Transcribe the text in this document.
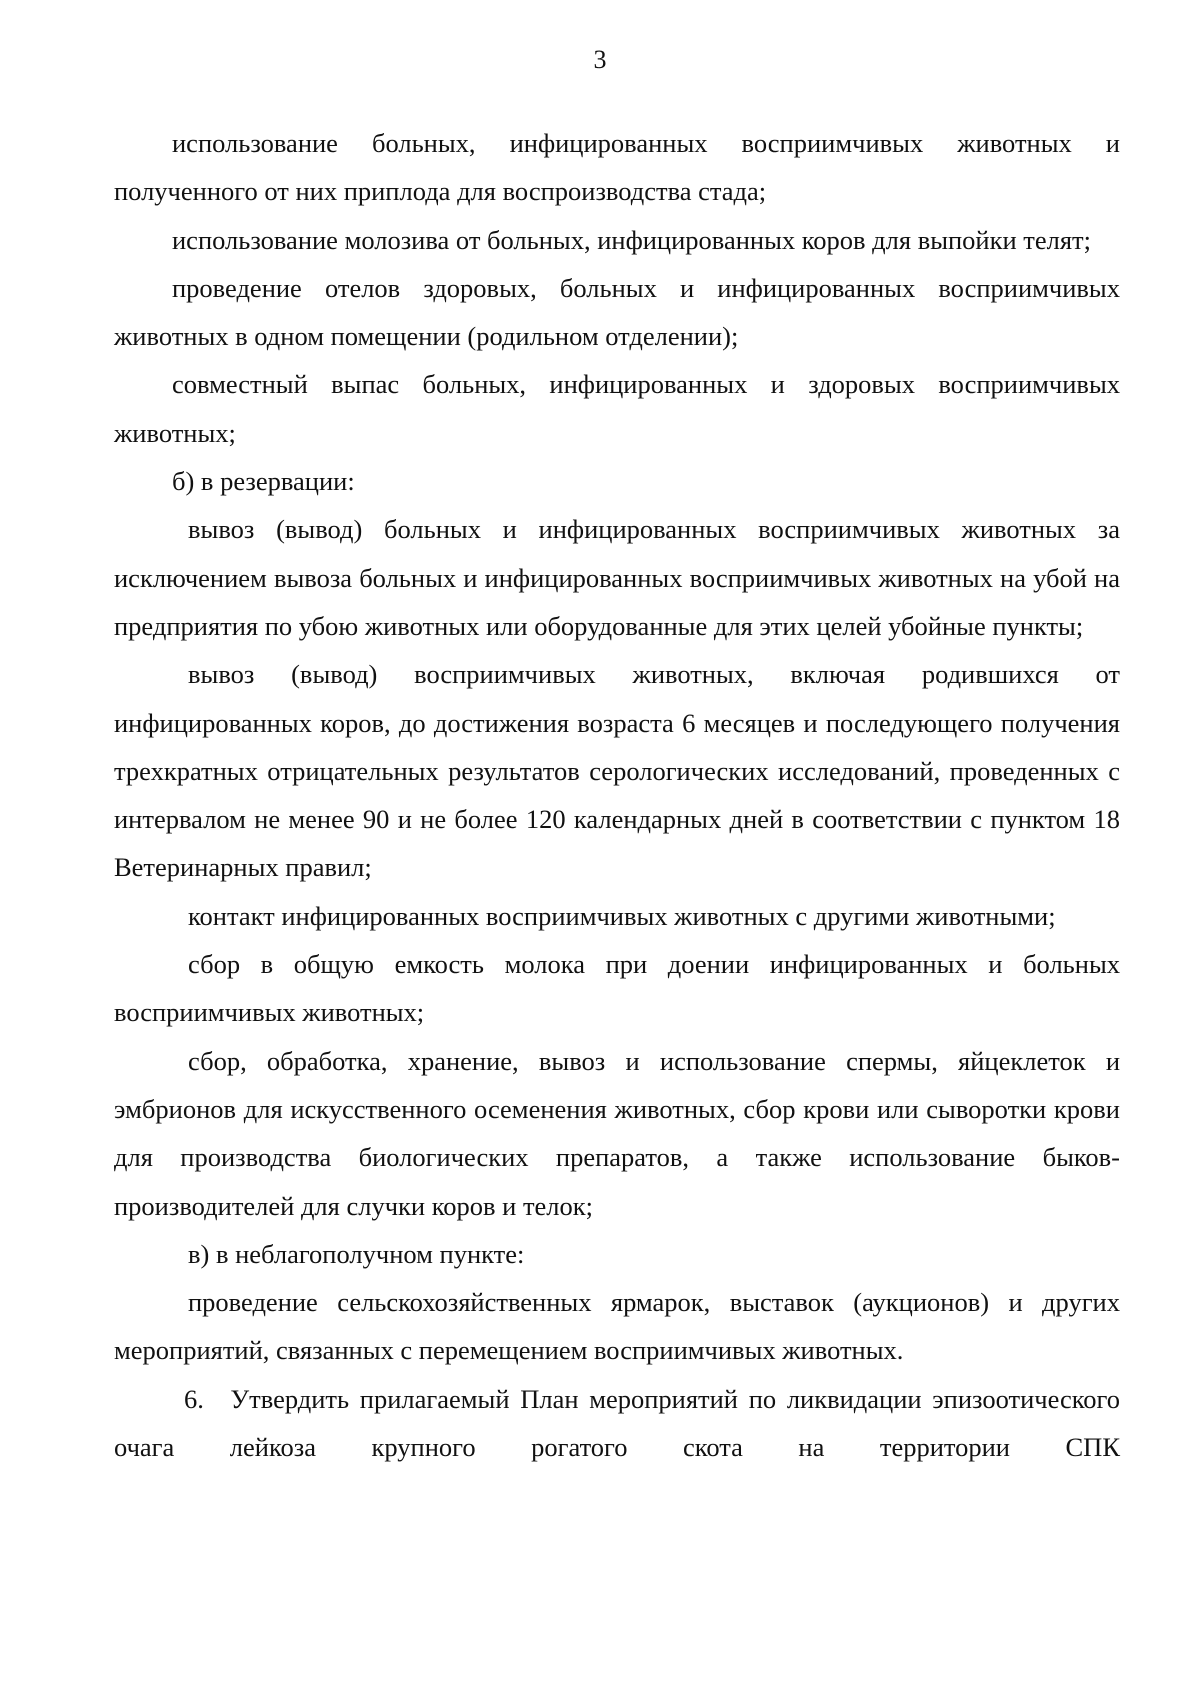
3

использование больных, инфицированных восприимчивых животных и полученного от них приплода для воспроизводства стада;

использование молозива от больных, инфицированных коров для выпойки телят;

проведение отелов здоровых, больных и инфицированных восприимчивых животных в одном помещении (родильном отделении);

совместный выпас больных, инфицированных и здоровых восприимчивых животных;

б) в резервации:

вывоз (вывод) больных и инфицированных восприимчивых животных за исключением вывоза больных и инфицированных восприимчивых животных на убой на предприятия по убою животных или оборудованные для этих целей убойные пункты;

вывоз (вывод) восприимчивых животных, включая родившихся от инфицированных коров, до достижения возраста 6 месяцев и последующего получения трехкратных отрицательных результатов серологических исследований, проведенных с интервалом не менее 90 и не более 120 календарных дней в соответствии с пунктом 18 Ветеринарных правил;

контакт инфицированных восприимчивых животных с другими животными;

сбор в общую емкость молока при доении инфицированных и больных восприимчивых животных;

сбор, обработка, хранение, вывоз и использование спермы, яйцеклеток и эмбрионов для искусственного осеменения животных, сбор крови или сыворотки крови для производства биологических препаратов, а также использование быков-производителей для случки коров и телок;

в) в неблагополучном пункте:

проведение сельскохозяйственных ярмарок, выставок (аукционов) и других мероприятий, связанных с перемещением восприимчивых животных.

6. Утвердить прилагаемый План мероприятий по ликвидации эпизоотического очага лейкоза крупного рогатого скота на территории СПК
